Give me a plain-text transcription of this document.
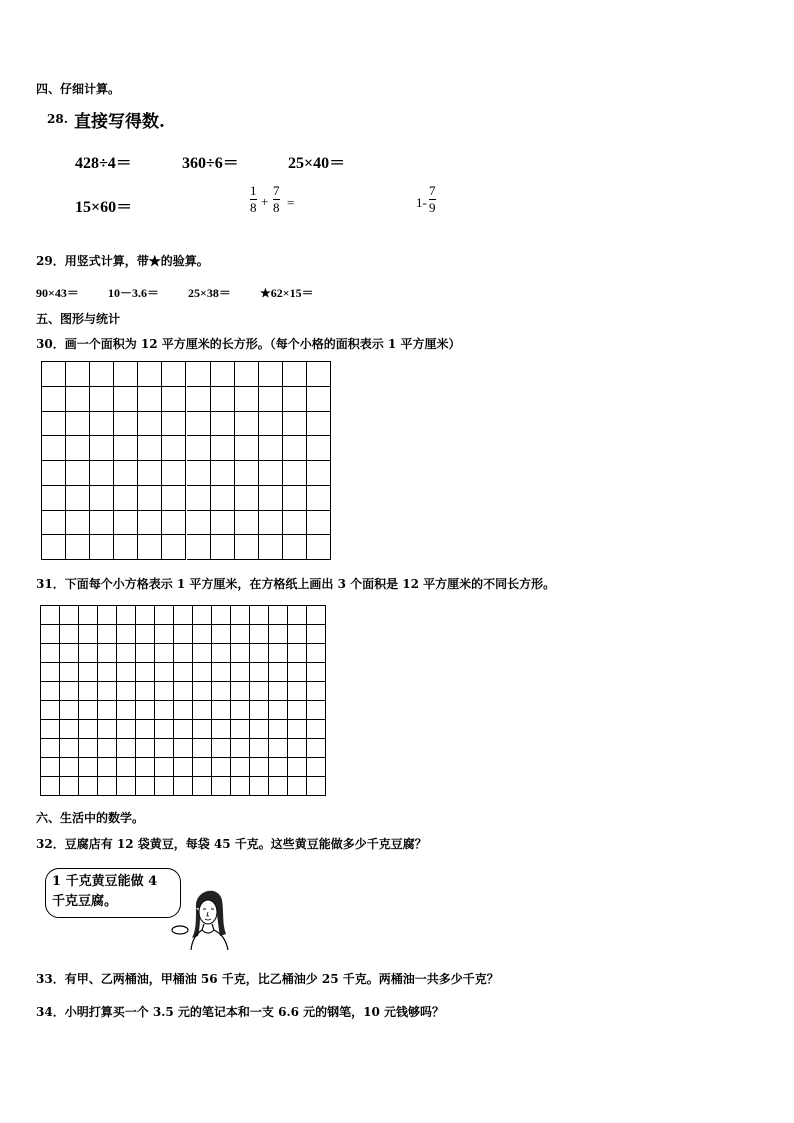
四、仔细计算。
28. 直接写得数.
428÷4＝	360÷6＝	25×40＝
15×60＝
1
8 +
7
8 =	1-
7
9
29．用竖式计算，带★的验算。
90×43＝ 10－3.6＝ 25×38＝ ★62×15＝
五、图形与统计
30．画一个面积为 12 平方厘米的长方形。（每个小格的面积表示 1 平方厘米）
31．下面每个小方格表示 1 平方厘米，在方格纸上画出 3 个面积是 12 平方厘米的不同长方形。
六、生活中的数学。
32．豆腐店有 12 袋黄豆，每袋 45 千克。这些黄豆能做多少千克豆腐？
1 千克黄豆能做 4
千克豆腐。
33．有甲、乙两桶油，甲桶油 56 千克，比乙桶油少 25 千克。两桶油一共多少千克？
34．小明打算买一个 3.5 元的笔记本和一支 6.6 元的钢笔，10 元钱够吗？
